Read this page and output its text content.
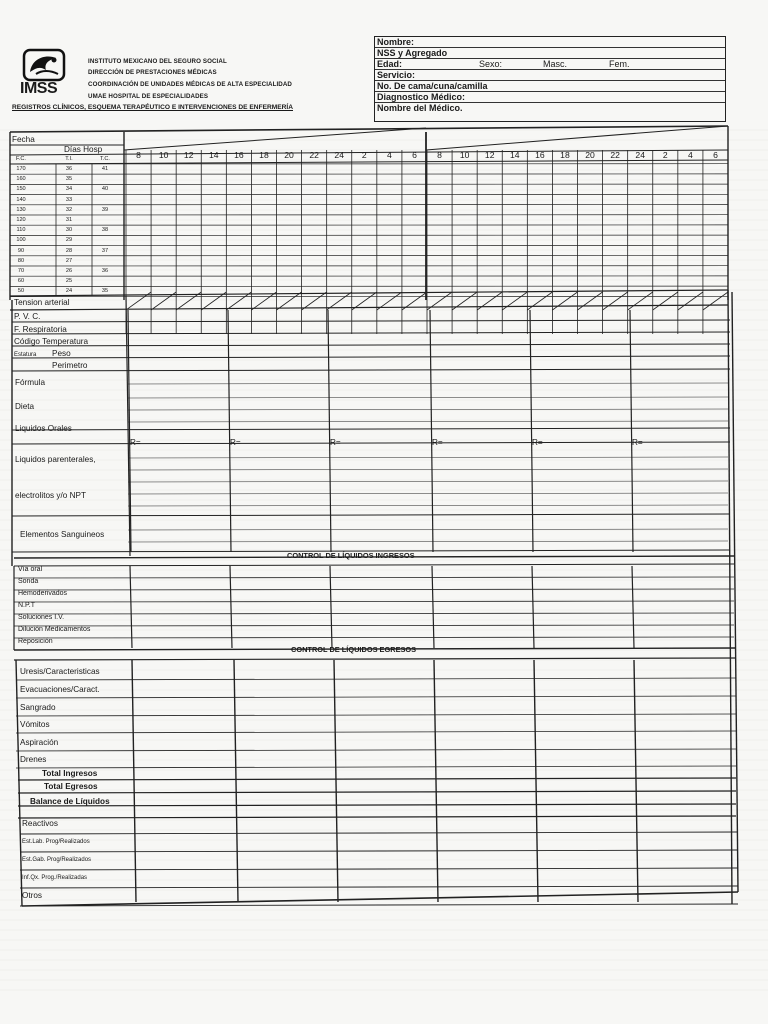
IMSS
INSTITUTO MEXICANO DEL SEGURO SOCIAL
DIRECCIÓN DE PRESTACIONES MÉDICAS
COORDINACIÓN DE UNIDADES MÉDICAS DE ALTA ESPECIALIDAD
UMAE HOSPITAL DE ESPECIALIDADES
REGISTROS CLÍNICOS, ESQUEMA TERAPÉUTICO E INTERVENCIONES DE ENFERMERÍA
Nombre:
NSS y Agregado
Edad:	Sexo:	Masc.	Fem.
Servicio:
No. De cama/cuna/camilla
Diagnostico Médico:
Nombre del Médico.
Fecha
Días Hosp
F.C.	T.I.	T.C.
170	36	41
160	35
150	34	40
140	33
130	32	39
120	31
110	30	38
100	29
90	28	37
80	27
70	26	36
60	25
50	24	35
8	10	12	14	16	18	20	22	24	2	4	6	8	10	12	14	16	18	20	22	24	2	4	6
Tension arterial
P. V. C.
F. Respiratoria
Código Temperatura
Estatura Peso
Perimetro
Fórmula
Dieta
Liquidos Orales
Liquidos parenterales,
electrolitos y/o NPT
Elementos Sanguineos
R=	R=	R=	R=	R=	R=
CONTROL DE LÍQUIDOS INGRESOS
Vía oral
Sonda
Hemoderivados
N.P.T
Soluciones I.V.
Dilución Medicamentos
Reposición
CONTROL DE LÍQUIDOS EGRESOS
Uresis/Caracteristicas
Evacuaciones/Caract.
Sangrado
Vómitos
Aspiración
Drenes
Total Ingresos
Total Egresos
Balance de Líquidos
Reactivos
Est.Lab. Prog/Realizados
Est.Gab. Prog/Realizados
Inf.Qx. Prog./Realizadas
Otros
